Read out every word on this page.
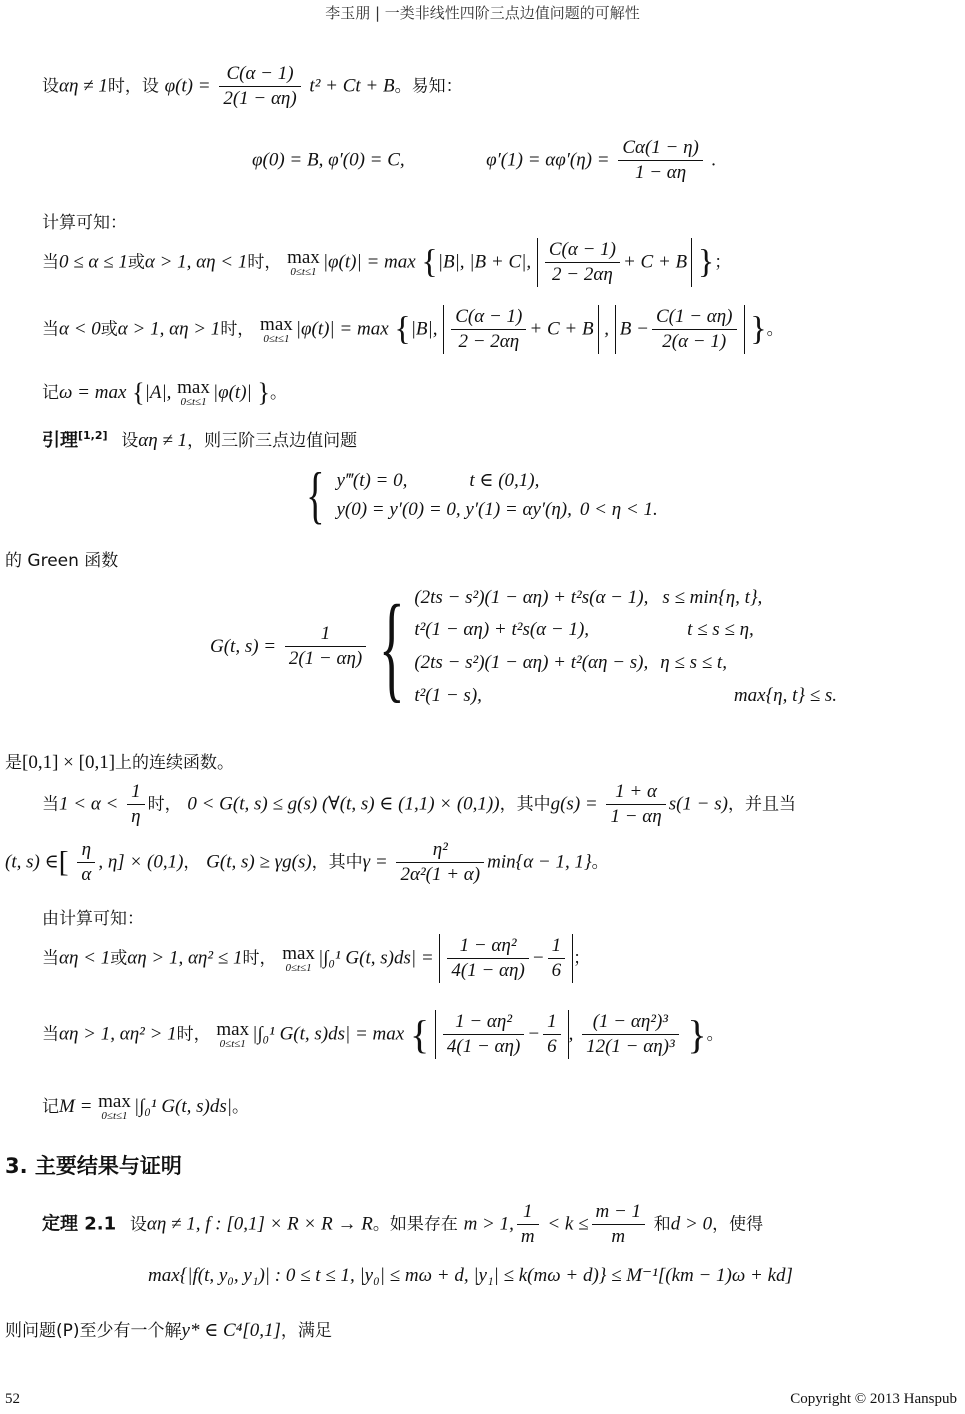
李玉朋 | 一类非线性四阶三点边值问题的可解性
设αη ≠ 1时，设 $\varphi(t) = \frac{C(\alpha - 1)}{2(1 - \alpha\eta)} t^2 + Ct + B$。易知：
φ(0) = B, φ′(0) = C,	$\varphi'(1) = \alpha\varphi'(\eta) = \frac{C\alpha(1 - \eta)}{1 - \alpha\eta}$ .
计算可知：
当0 ≤ α ≤ 1或α > 1, αη < 1时， max
0≤t≤1 |φ(t)| = max {|B|, |B + C|, $\frac{C(\alpha - 1)}{2 - 2\alpha\eta} + C + B$ }；
当α < 0或α > 1, αη > 1时， max
0≤t≤1 |φ(t)| = max {|B|, $\frac{C(\alpha - 1)}{2 - 2\alpha\eta} + C + B$ , $B - \frac{C(1 - \alpha\eta)}{2(\alpha - 1)}$ }。
记ω = max {|A|, max
0≤t≤1 |φ(t)| }。
引理[1,2] 设αη ≠ 1，则三阶三点边值问题
{ y‴(t) = 0,	t ∈ (0,1),
y(0) = y′(0) = 0, y′(1) = αy′(η), 0 < η < 1.
的 Green 函数
G(t, $s) = \frac{1}{2(1 - \alpha\eta)}$ { (2ts − s²)(1 − αη) + t²s(α − 1), s ≤ min{η, t},
t²(1 − αη) + t²s(α − 1),	t ≤ s ≤ η,
(2ts − s²)(1 − αη) + t²(αη − s), η ≤ s ≤ t,
t²(1 − s),	max{η, t} ≤ s.
是[0,1] × [0,1]上的连续函数。
当$1 < \alpha < \frac{1}{\eta}$ 时， 0 < G(t, s) ≤ g(s) (∀(t, s) ∈ (1,1) × (0,1))，其中$g(s) = \frac{1 + \alpha}{1 - \alpha\eta} s(1 - s)$，并且当
(t, s) ∈[ $\frac{\eta}{\alpha}$ , η] × (0,1)， G(t, s) ≥ γg(s)，其中$\gamma = \frac{\text{η²}}{\text{2α²(1 + α)}} \min\{\alpha - 1$, 1}。
由计算可知：
当αη < 1或αη > 1, αη² ≤ 1时， max
0≤t≤1 |∫₀¹ G(t, $s)ds| = \frac{\text{1 − αη²}}{4(1 - \alpha\eta)} - \frac{1}{6}$ ；
当αη > 1, αη² > 1时， max
0≤t≤1 |∫₀¹ G(t, s)ds| = max { $\frac{\text{1 − αη²}}{4(1 - \alpha\eta)} - \frac{1}{6}$ , $\frac{\text{(1 − αη²)³}}{\text{12(1 − αη)³}}$ }。
记M = max
0≤t≤1 |∫₀¹ G(t, s)ds|。
3. 主要结果与证明
定理 2.1 设αη ≠ 1, f : [0,1] × R × R → R。如果存在 m > 1, $\frac{1}{m} < k \le \frac{m - 1}{m}$ 和d > 0，使得
max{|f(t, y₀, y₁)| : 0 ≤ t ≤ 1, |y₀| ≤ mω + d, |y₁| ≤ k(mω + d)} ≤ M⁻¹[(km − 1)ω + kd]
则问题(P)至少有一个解y* ∈ C⁴[0,1]，满足
52	Copyright © 2013 Hanspub
